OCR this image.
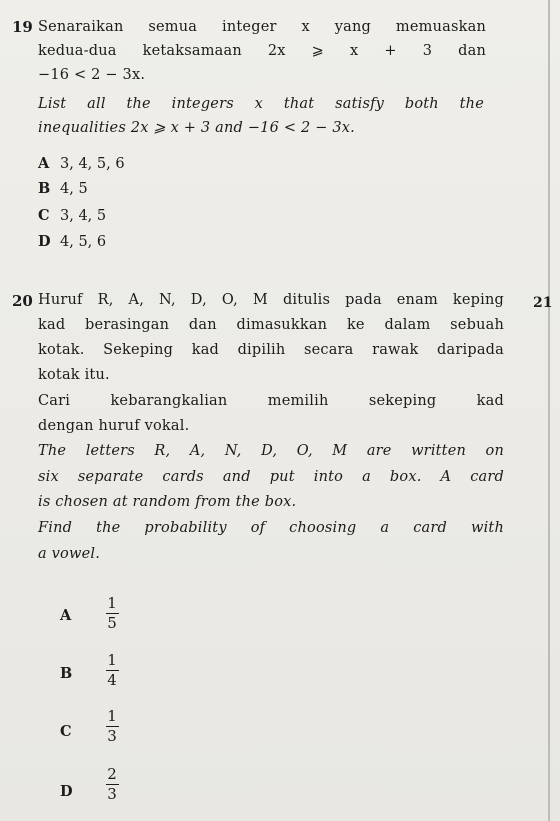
19 Senaraikan semua integer x yang memuaskan
kedua-dua ketaksamaan 2x ⩾ x + 3 dan
−16 < 2 − 3x.
List all the integers x that satisfy both the
inequalities 2x ⩾ x + 3 and −16 < 2 − 3x.
A 3, 4, 5, 6
B 4, 5
C 3, 4, 5
D 4, 5, 6
20 Huruf R, A, N, D, O, M ditulis pada enam keping
kad berasingan dan dimasukkan ke dalam sebuah
kotak. Sekeping kad dipilih secara rawak daripada
kotak itu.
Cari kebarangkalian memilih sekeping kad
dengan huruf vokal.
The letters R, A, N, D, O, M are written on
six separate cards and put into a box. A card
is chosen at random from the box.
Find the probability of choosing a card with
a vowel.
A
1
5
B
1
4
C
1
3
D
2
3
21
